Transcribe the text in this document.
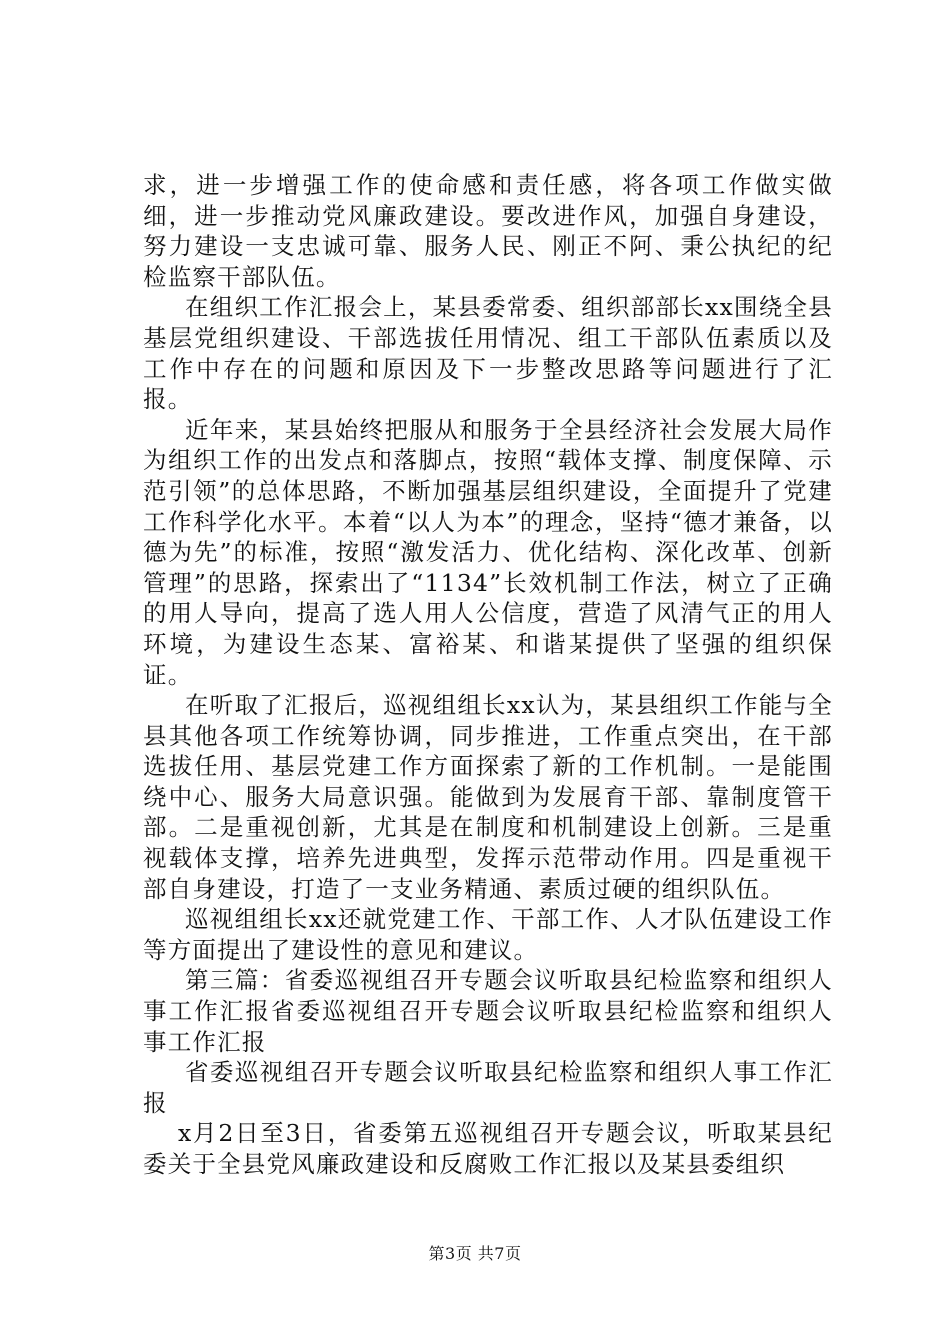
求，进一步增强工作的使命感和责任感，将各项工作做实做细，进一步推动党风廉政建设。要改进作风，加强自身建设，努力建设一支忠诚可靠、服务人民、刚正不阿、秉公执纪的纪检监察干部队伍。

在组织工作汇报会上，某县委常委、组织部部长xx围绕全县基层党组织建设、干部选拔任用情况、组工干部队伍素质以及工作中存在的问题和原因及下一步整改思路等问题进行了汇报。

近年来，某县始终把服从和服务于全县经济社会发展大局作为组织工作的出发点和落脚点，按照“载体支撑、制度保障、示范引领”的总体思路，不断加强基层组织建设，全面提升了党建工作科学化水平。本着“以人为本”的理念，坚持“德才兼备，以德为先”的标准，按照“激发活力、优化结构、深化改革、创新管理”的思路，探索出了“1134”长效机制工作法，树立了正确的用人导向，提高了选人用人公信度，营造了风清气正的用人环境，为建设生态某、富裕某、和谐某提供了坚强的组织保证。

在听取了汇报后，巡视组组长xx认为，某县组织工作能与全县其他各项工作统筹协调，同步推进，工作重点突出，在干部选拔任用、基层党建工作方面探索了新的工作机制。一是能围绕中心、服务大局意识强。能做到为发展育干部、靠制度管干部。二是重视创新，尤其是在制度和机制建设上创新。三是重视载体支撑，培养先进典型，发挥示范带动作用。四是重视干部自身建设，打造了一支业务精通、素质过硬的组织队伍。

巡视组组长xx还就党建工作、干部工作、人才队伍建设工作等方面提出了建设性的意见和建议。

第三篇：省委巡视组召开专题会议听取县纪检监察和组织人事工作汇报省委巡视组召开专题会议听取县纪检监察和组织人事工作汇报

省委巡视组召开专题会议听取县纪检监察和组织人事工作汇报

x月2日至3日，省委第五巡视组召开专题会议，听取某县纪委关于全县党风廉政建设和反腐败工作汇报以及某县委组织

第3页 共7页
